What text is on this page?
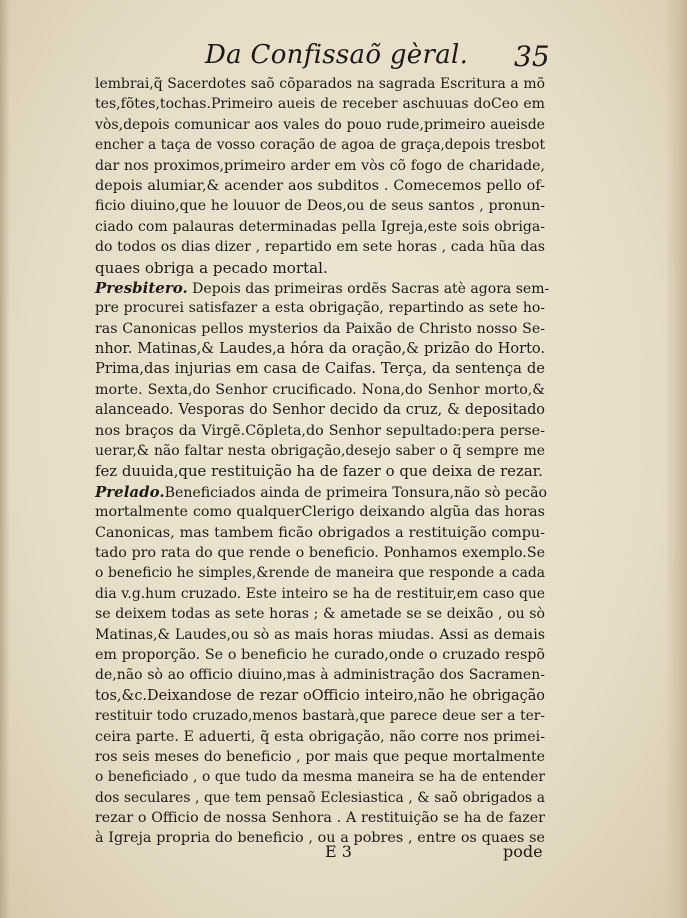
Da Confissaõ gèral. 35
lembrai,q̃ Sacerdotes saõ cõparados na sagrada Escritura a mõ
tes,fõtes,tochas.Primeiro aueis de receber aschuuas doCeo em
vòs,depois comunicar aos vales do pouo rude,primeiro aueisde
encher a taça de vosso coração de agoa de graça,depois tresbot
dar nos proximos,primeiro arder em vòs cõ fogo de charidade,
depois alumiar,& acender aos subditos . Comecemos pello of-
ficio diuino,que he louuor de Deos,ou de seus santos , pronun-
ciado com palauras determinadas pella Igreja,este sois obriga-
do todos os dias dizer , repartido em sete horas , cada hũa das
quaes obriga a pecado mortal.
Presbitero. Depois das primeiras ordẽs Sacras atè agora sem-
pre procurei satisfazer a esta obrigação, repartindo as sete ho-
ras Canonicas pellos mysterios da Paixão de Christo nosso Se-
nhor. Matinas,& Laudes,a hóra da oração,& prizão do Horto.
Prima,das injurias em casa de Caifas. Terça, da sentença de
morte. Sexta,do Senhor crucificado. Nona,do Senhor morto,&
alanceado. Vesporas do Senhor decido da cruz, & depositado
nos braços da Virgẽ.Cõpleta,do Senhor sepultado:pera perse-
uerar,& não faltar nesta obrigação,desejo saber o q̃ sempre me
fez duuida,que restituição ha de fazer o que deixa de rezar.
Prelado.Beneficiados ainda de primeira Tonsura,não sò pecão
mortalmente como qualquerClerigo deixando algũa das horas
Canonicas, mas tambem ficão obrigados a restituição compu-
tado pro rata do que rende o beneficio. Ponhamos exemplo.Se
o beneficio he simples,&rende de maneira que responde a cada
dia v.g.hum cruzado. Este inteiro se ha de restituir,em caso que
se deixem todas as sete horas ; & ametade se se deixão , ou sò
Matinas,& Laudes,ou sò as mais horas miudas. Assi as demais
em proporção. Se o beneficio he curado,onde o cruzado respõ
de,não sò ao officio diuino,mas à administração dos Sacramen-
tos,&c.Deixandose de rezar oOfficio inteiro,não he obrigação
restituir todo cruzado,menos bastarà,que parece deue ser a ter-
ceira parte. E aduerti, q̃ esta obrigação, não corre nos primei-
ros seis meses do beneficio , por mais que peque mortalmente
o beneficiado , o que tudo da mesma maneira se ha de entender
dos seculares , que tem pensaõ Eclesiastica , & saõ obrigados a
rezar o Officio de nossa Senhora . A restituição se ha de fazer
à Igreja propria do beneficio , ou a pobres , entre os quaes se
E 3	pode
